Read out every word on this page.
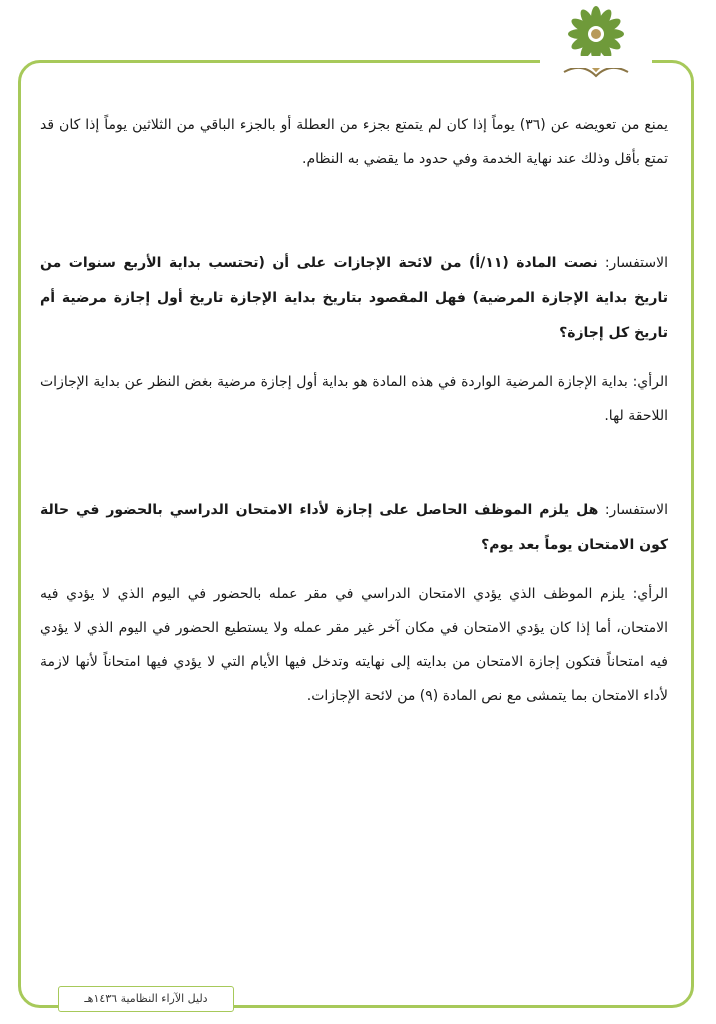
يمنع من تعويضه عن (٣٦) يوماً إذا كان لم يتمتع بجزء من العطلة أو بالجزء الباقي من الثلاثين يوماً إذا كان قد تمتع بأقل وذلك عند نهاية الخدمة وفي حدود ما يقضي به النظام.

الاستفسار: نصت المادة (١١/أ) من لائحة الإجازات على أن (تحتسب بداية الأربع سنوات من تاريخ بداية الإجازة المرضية) فهل المقصود بتاريخ بداية الإجازة تاريخ أول إجازة مرضية أم تاريخ كل إجازة؟

الرأي: بداية الإجازة المرضية الواردة في هذه المادة هو بداية أول إجازة مرضية بغض النظر عن بداية الإجازات اللاحقة لها.

الاستفسار: هل يلزم الموظف الحاصل على إجازة لأداء الامتحان الدراسي بالحضور في حالة كون الامتحان يوماً بعد يوم؟

الرأي: يلزم الموظف الذي يؤدي الامتحان الدراسي في مقر عمله بالحضور في اليوم الذي لا يؤدي فيه الامتحان، أما إذا كان يؤدي الامتحان في مكان آخر غير مقر عمله ولا يستطيع الحضور في اليوم الذي لا يؤدي فيه امتحاناً فتكون إجازة الامتحان من بدايته إلى نهايته وتدخل فيها الأيام التي لا يؤدي فيها امتحاناً لأنها لازمة لأداء الامتحان بما يتمشى مع نص المادة (٩) من لائحة الإجازات.

دليل الآراء النظامية ١٤٣٦هـ
